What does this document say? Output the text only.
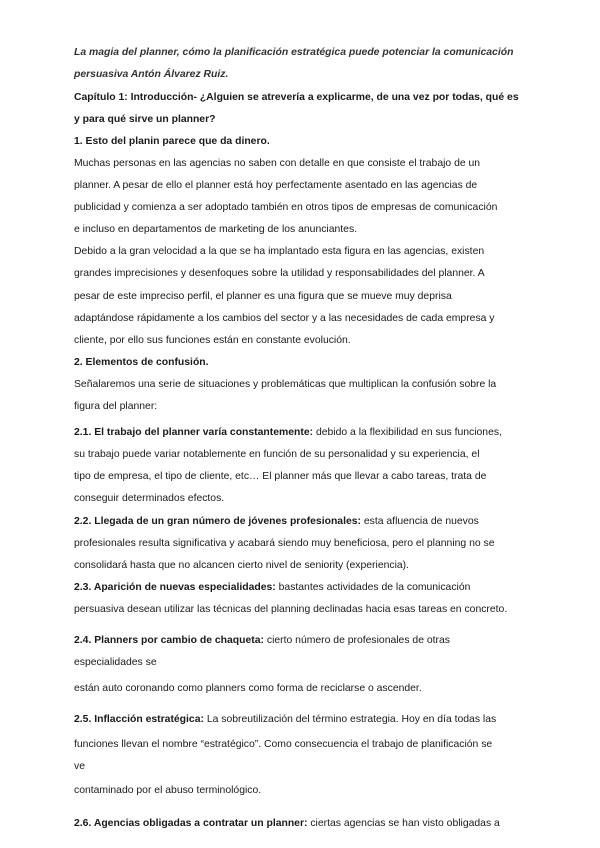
La magia del planner, cómo la planificación estratégica puede potenciar la comunicación

persuasiva Antón Álvarez Ruiz.

Capítulo 1: Introducción- ¿Alguien se atrevería a explicarme, de una vez por todas, qué es

y para qué sirve un planner?

1. Esto del planin parece que da dinero.

Muchas personas en las agencias no saben con detalle en que consiste el trabajo de un

planner. A pesar de ello el planner está hoy perfectamente asentado en las agencias de

publicidad y comienza a ser adoptado también en otros tipos de empresas de comunicación

e incluso en departamentos de marketing de los anunciantes.

Debido a la gran velocidad a la que se ha implantado esta figura en las agencias, existen

grandes imprecisiones y desenfoques sobre la utilidad y responsabilidades del planner. A

pesar de este impreciso perfil, el planner es una figura que se mueve muy deprisa

adaptándose rápidamente a los cambios del sector y a las necesidades de cada empresa y

cliente, por ello sus funciones están en constante evolución.

2. Elementos de confusión.

Señalaremos una serie de situaciones y problemáticas que multiplican la confusión sobre la

figura del planner:

2.1. El trabajo del planner varía constantemente: debido a la flexibilidad en sus funciones,

su trabajo puede variar notablemente en función de su personalidad y su experiencia, el

tipo de empresa, el tipo de cliente, etc… El planner más que llevar a cabo tareas, trata de

conseguir determinados efectos.

2.2. Llegada de un gran número de jóvenes profesionales: esta afluencia de nuevos

profesionales resulta significativa y acabará siendo muy beneficiosa, pero el planning no se

consolidará hasta que no alcancen cierto nivel de seniority (experiencia).

2.3. Aparición de nuevas especialidades: bastantes actividades de la comunicación

persuasiva desean utilizar las técnicas del planning declinadas hacia esas tareas en concreto.

2.4. Planners por cambio de chaqueta: cierto número de profesionales de otras

especialidades se

están auto coronando como planners como forma de reciclarse o ascender.

2.5. Inflacción estratégica: La sobreutilización del término estrategia. Hoy en día todas las

funciones llevan el nombre “estratégico”. Como consecuencia el trabajo de planificación se

ve

contaminado por el abuso terminológico.

2.6. Agencias obligadas a contratar un planner: ciertas agencias se han visto obligadas a
